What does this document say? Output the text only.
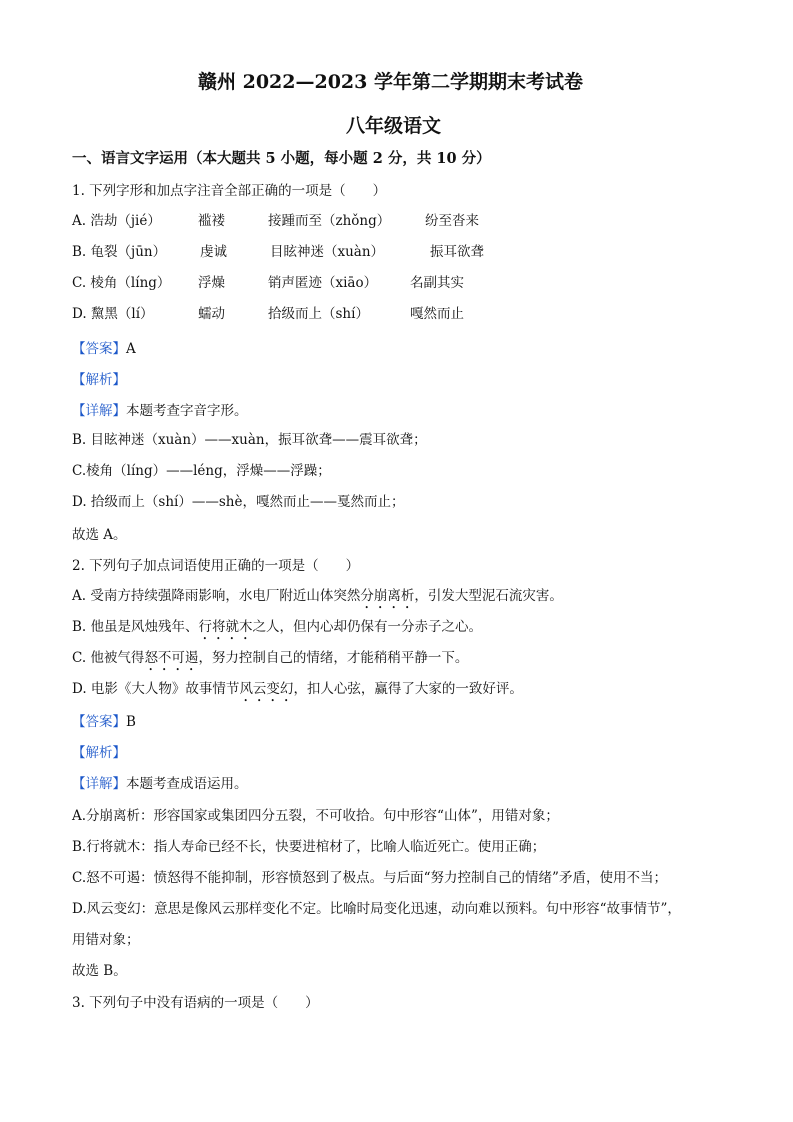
赣州 2022—2023 学年第二学期期末考试卷
八年级语文
一、语言文字运用（本大题共 5 小题，每小题 2 分，共 10 分）
1. 下列字形和加点字注音全部正确的一项是（　　）
A. 浩劫（jié）	褴褛	接踵而至（zhǒng）	纷至沓来
B. 龟裂（jūn）	虔诚	目眩神迷（xuàn）	振耳欲聋
C. 棱角（líng） 浮燥	销声匿迹（xiāo） 名副其实
D. 黧黑（lí）	蠕动	拾级而上（shí）	嘎然而止
【答案】A
【解析】
【详解】本题考查字音字形。
B. 目眩神迷（xuàn）——xuàn，振耳欲聋——震耳欲聋；
C.棱角（líng）——léng，浮燥——浮躁；
D. 拾级而上（shí）——shè，嘎然而止——戛然而止；
故选 A。
2. 下列句子加点词语使用正确的一项是（　　）
A. 受南方持续强降雨影响，水电厂附近山体突然分崩离析，引发大型泥石流灾害。
B. 他虽是风烛残年、行将就木之人，但内心却仍保有一分赤子之心。
C. 他被气得怒不可遏，努力控制自己的情绪，才能稍稍平静一下。
D. 电影《大人物》故事情节风云变幻，扣人心弦，赢得了大家的一致好评。
【答案】B
【解析】
【详解】本题考查成语运用。
A.分崩离析：形容国家或集团四分五裂，不可收拾。句中形容“山体”，用错对象；
B.行将就木：指人寿命已经不长，快要进棺材了，比喻人临近死亡。使用正确；
C.怒不可遏：愤怒得不能抑制，形容愤怒到了极点。与后面“努力控制自己的情绪”矛盾，使用不当；
D.风云变幻：意思是像风云那样变化不定。比喻时局变化迅速，动向难以预料。句中形容“故事情节”，
用错对象；
故选 B。
3. 下列句子中没有语病的一项是（　　）
